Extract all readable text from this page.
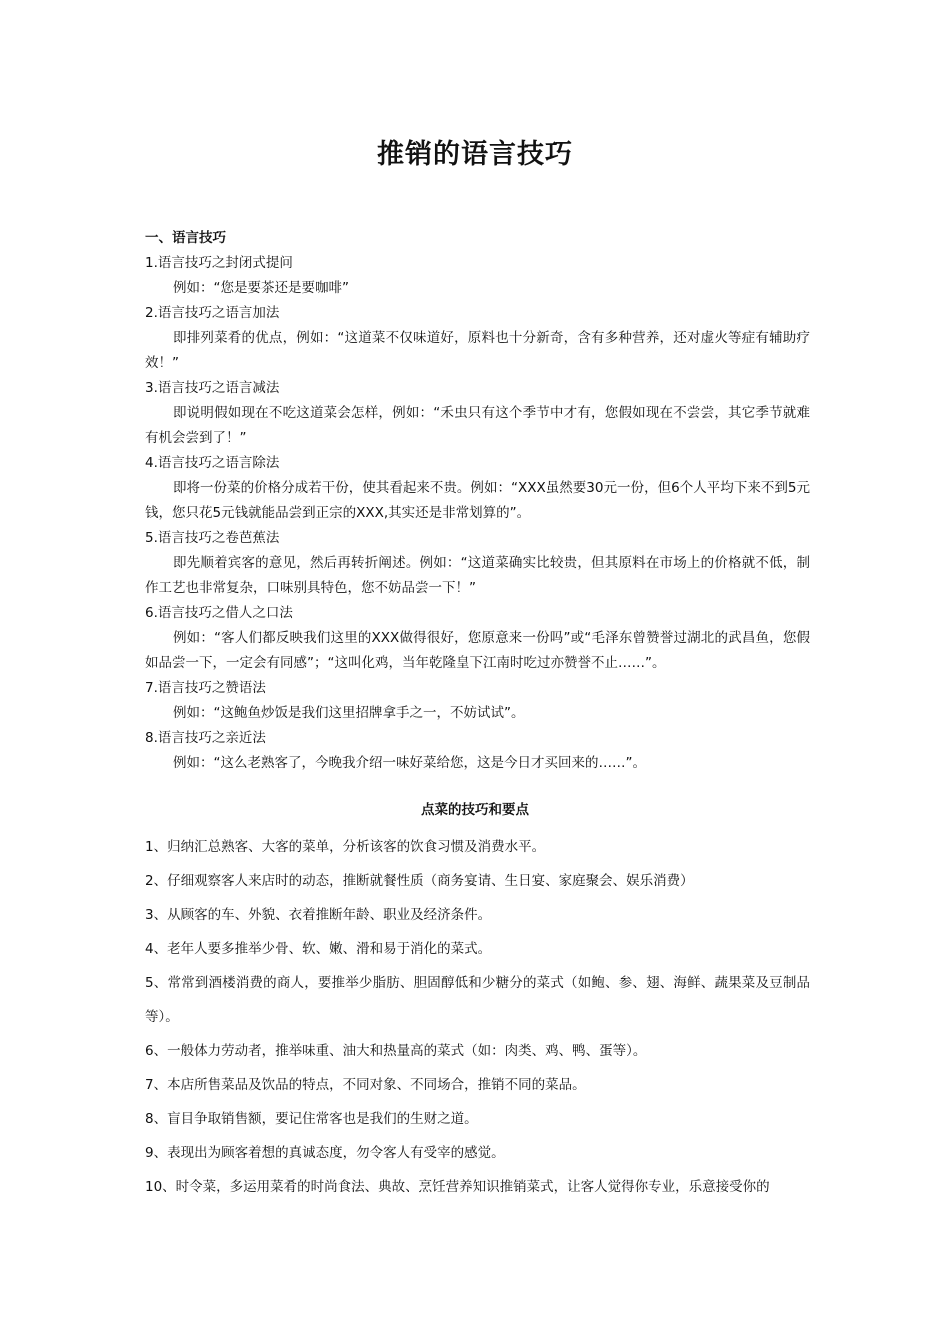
推销的语言技巧

一、语言技巧

1.语言技巧之封闭式提问

例如：“您是要茶还是要咖啡”

2.语言技巧之语言加法

即排列菜肴的优点，例如：“这道菜不仅味道好，原料也十分新奇，含有多种营养，还对虚火等症有辅助疗效！”

3.语言技巧之语言减法

即说明假如现在不吃这道菜会怎样，例如：“禾虫只有这个季节中才有，您假如现在不尝尝，其它季节就难有机会尝到了！”

4.语言技巧之语言除法

即将一份菜的价格分成若干份，使其看起来不贵。例如：“XXX虽然要30元一份，但6个人平均下来不到5元钱，您只花5元钱就能品尝到正宗的XXX,其实还是非常划算的”。

5.语言技巧之卷芭蕉法

即先顺着宾客的意见，然后再转折阐述。例如：“这道菜确实比较贵，但其原料在市场上的价格就不低，制作工艺也非常复杂，口味别具特色，您不妨品尝一下！”

6.语言技巧之借人之口法

例如：“客人们都反映我们这里的XXX做得很好，您原意来一份吗”或“毛泽东曾赞誉过湖北的武昌鱼，您假如品尝一下，一定会有同感”；“这叫化鸡，当年乾隆皇下江南时吃过亦赞誉不止……”。

7.语言技巧之赞语法

例如：“这鲍鱼炒饭是我们这里招牌拿手之一，不妨试试”。

8.语言技巧之亲近法

例如：“这么老熟客了，今晚我介绍一味好菜给您，这是今日才买回来的……”。

点菜的技巧和要点

1、归纳汇总熟客、大客的菜单，分析该客的饮食习惯及消费水平。

2、仔细观察客人来店时的动态，推断就餐性质（商务宴请、生日宴、家庭聚会、娱乐消费）

3、从顾客的车、外貌、衣着推断年龄、职业及经济条件。

4、老年人要多推举少骨、软、嫩、滑和易于消化的菜式。

5、常常到酒楼消费的商人，要推举少脂肪、胆固醇低和少糖分的菜式（如鲍、参、翅、海鲜、蔬果菜及豆制品等）。

6、一般体力劳动者，推举味重、油大和热量高的菜式（如：肉类、鸡、鸭、蛋等）。

7、本店所售菜品及饮品的特点，不同对象、不同场合，推销不同的菜品。

8、盲目争取销售额，要记住常客也是我们的生财之道。

9、表现出为顾客着想的真诚态度，勿令客人有受宰的感觉。

10、时令菜，多运用菜肴的时尚食法、典故、烹饪营养知识推销菜式，让客人觉得你专业，乐意接受你的
